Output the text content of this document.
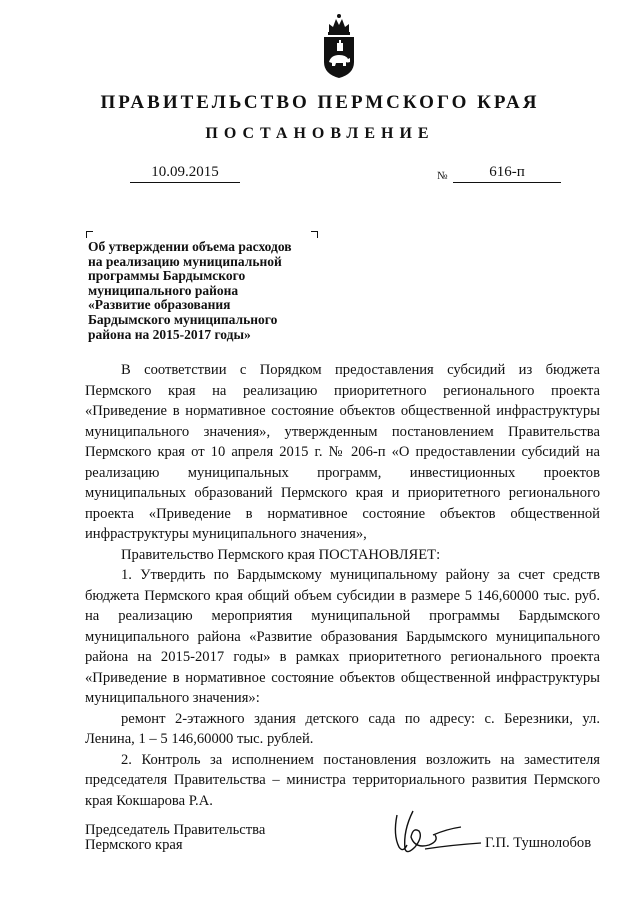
ПРАВИТЕЛЬСТВО ПЕРМСКОГО КРАЯ
ПОСТАНОВЛЕНИЕ
10.09.2015	№	616-п
Об утверждении объема расходов
на реализацию муниципальной
программы Бардымского
муниципального района
«Развитие образования
Бардымского муниципального
района на 2015-2017 годы»

В соответствии с Порядком предоставления субсидий из бюджета Пермского края на реализацию приоритетного регионального проекта «Приведение в нормативное состояние объектов общественной инфраструктуры муниципального значения», утвержденным постановлением Правительства Пермского края от 10 апреля 2015 г. № 206-п «О предоставлении субсидий на реализацию муниципальных программ, инвестиционных проектов муниципальных образований Пермского края и приоритетного регионального проекта «Приведение в нормативное состояние объектов общественной инфраструктуры муниципального значения»,

Правительство Пермского края ПОСТАНОВЛЯЕТ:

1. Утвердить по Бардымскому муниципальному району за счет средств бюджета Пермского края общий объем субсидии в размере 5 146,60000 тыс. руб. на реализацию мероприятия муниципальной программы Бардымского муниципального района «Развитие образования Бардымского муниципального района на 2015-2017 годы» в рамках приоритетного регионального проекта «Приведение в нормативное состояние объектов общественной инфраструктуры муниципального значения»:

ремонт 2-этажного здания детского сада по адресу: с. Березники, ул. Ленина, 1 – 5 146,60000 тыс. рублей.

2. Контроль за исполнением постановления возложить на заместителя председателя Правительства – министра территориального развития Пермского края Кокшарова Р.А.

Председатель Правительства
Пермского края	Г.П. Тушнолобов
